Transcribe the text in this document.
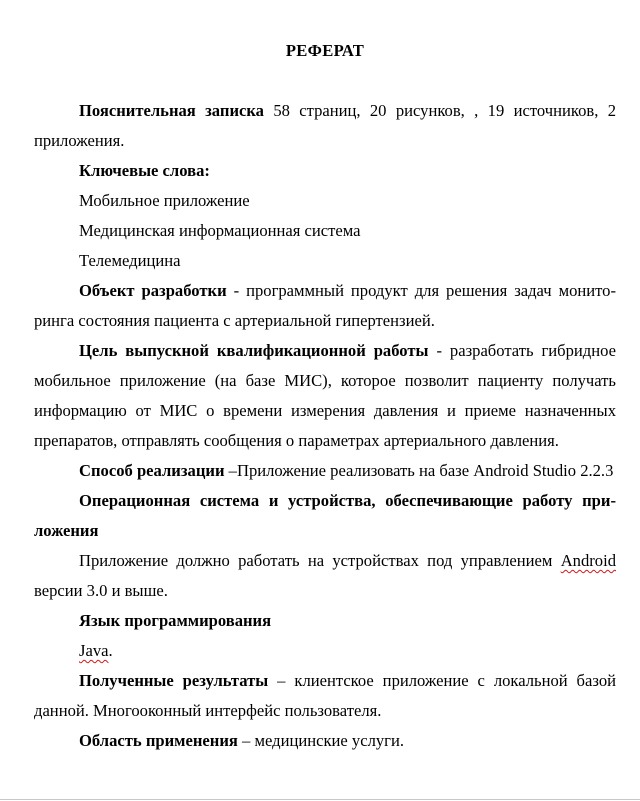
РЕФЕРАТ

Пояснительная записка 58 страниц, 20 рисунков, , 19 источников, 2 приложения.

Ключевые слова:

Мобильное приложение

Медицинская информационная система

Телемедицина

Объект разработки - программный продукт для решения задач мониторинга состояния пациента с артериальной гипертензией.

Цель выпускной квалификационной работы - разработать гибридное мобильное приложение (на базе МИС), которое позволит пациенту получать информацию от МИС о времени измерения давления и приеме назначенных препаратов, отправлять сообщения о параметрах артериального давления.

Способ реализации –Приложение реализовать на базе Android Studio 2.2.3

Операционная система и устройства, обеспечивающие работу приложения

Приложение должно работать на устройствах под управлением Android версии 3.0 и выше.

Язык программирования

Java.

Полученные результаты – клиентское приложение с локальной базой данной. Многооконный интерфейс пользователя.

Область применения – медицинские услуги.
